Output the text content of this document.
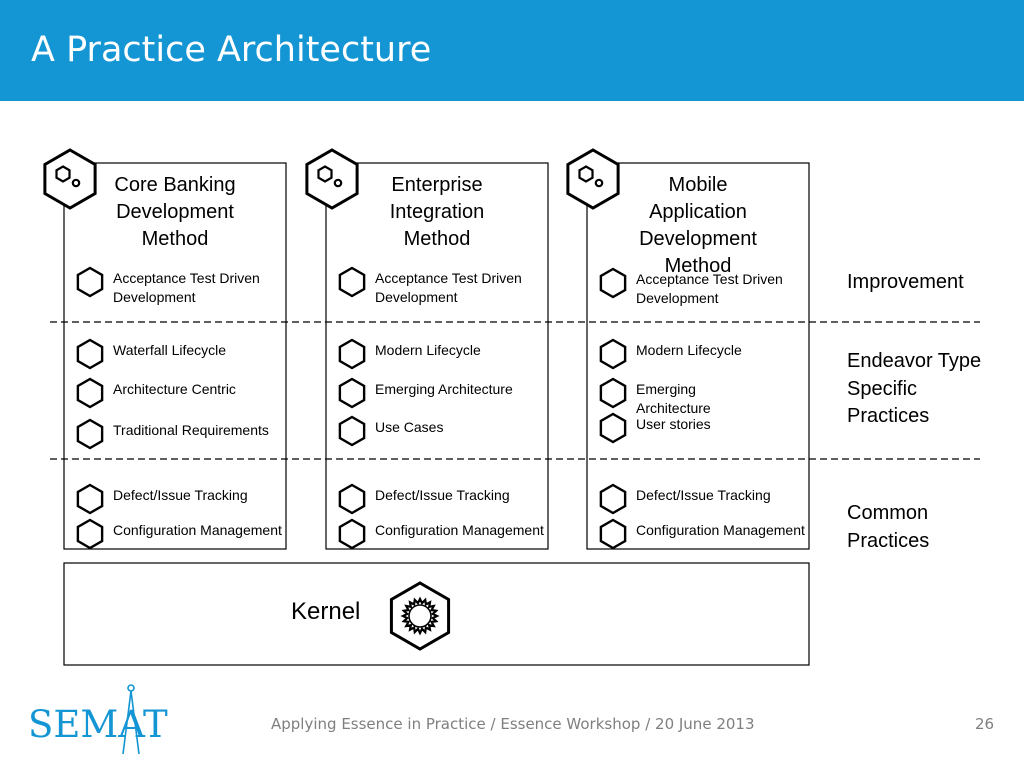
A Practice Architecture
Core Banking
Development
Method
Acceptance Test Driven
Development
Waterfall Lifecycle
Architecture Centric
Traditional Requirements
Defect/Issue Tracking
Configuration Management
Enterprise
Integration
Method
Acceptance Test Driven
Development
Modern Lifecycle
Emerging Architecture
Use Cases
Defect/Issue Tracking
Configuration Management
Mobile
Application
Development
Method
Acceptance Test Driven
Development
Modern Lifecycle
Emerging
Architecture
User stories
Defect/Issue Tracking
Configuration Management
Kernel
Improvement
Endeavor Type
Specific
Practices
Common
Practices
SEMAT	Applying Essence in Practice / Essence Workshop / 20 June 2013	26
